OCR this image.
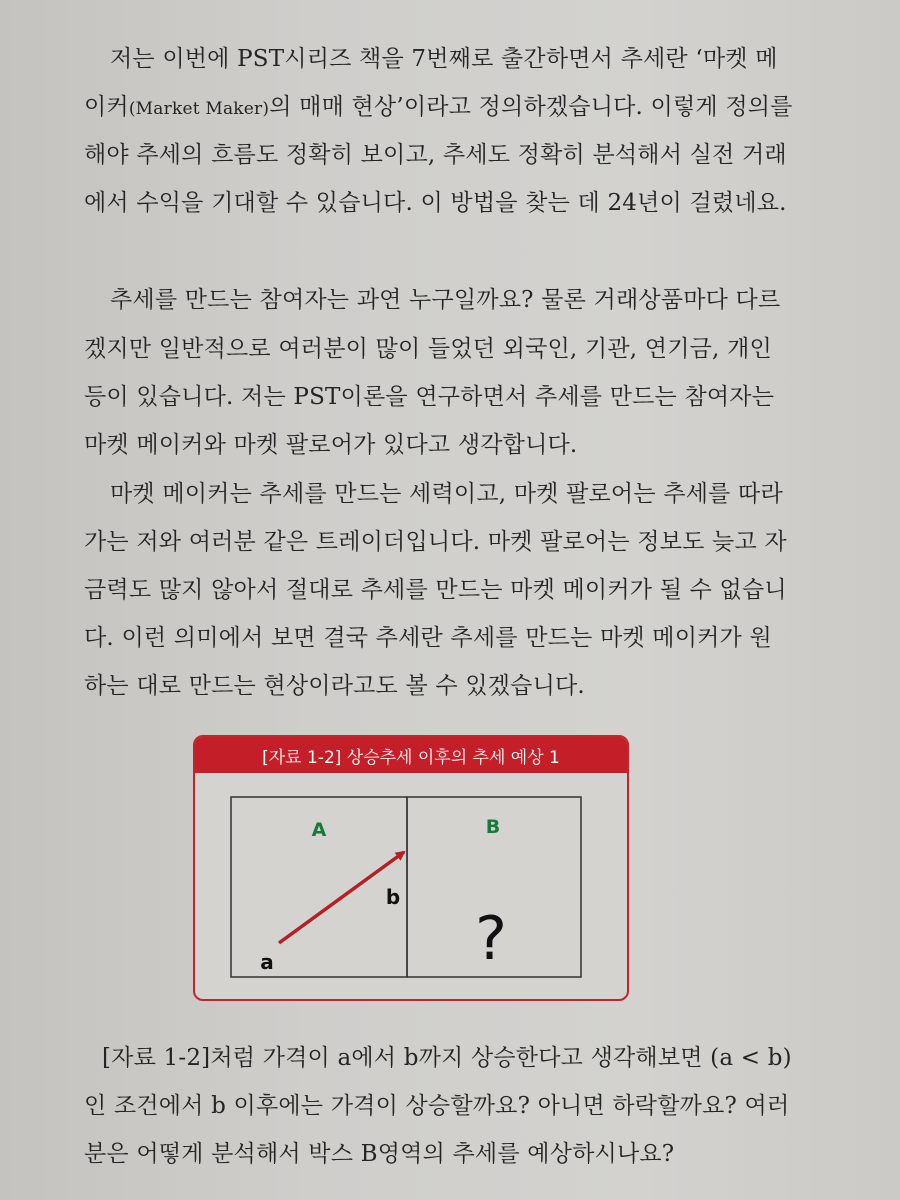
저는 이번에 PST시리즈 책을 7번째로 출간하면서 추세란 ‘마켓 메
이커(Market Maker)의 매매 현상’이라고 정의하겠습니다. 이렇게 정의를
해야 추세의 흐름도 정확히 보이고, 추세도 정확히 분석해서 실전 거래
에서 수익을 기대할 수 있습니다. 이 방법을 찾는 데 24년이 걸렸네요.
추세를 만드는 참여자는 과연 누구일까요? 물론 거래상품마다 다르
겠지만 일반적으로 여러분이 많이 들었던 외국인, 기관, 연기금, 개인
등이 있습니다. 저는 PST이론을 연구하면서 추세를 만드는 참여자는
마켓 메이커와 마켓 팔로어가 있다고 생각합니다.
마켓 메이커는 추세를 만드는 세력이고, 마켓 팔로어는 추세를 따라
가는 저와 여러분 같은 트레이더입니다. 마켓 팔로어는 정보도 늦고 자
금력도 많지 않아서 절대로 추세를 만드는 마켓 메이커가 될 수 없습니
다. 이런 의미에서 보면 결국 추세란 추세를 만드는 마켓 메이커가 원
하는 대로 만드는 현상이라고도 볼 수 있겠습니다.
[자료 1-2] 상승추세 이후의 추세 예상 1
A	B
a
b
?
[자료 1-2]처럼 가격이 a에서 b까지 상승한다고 생각해보면 (a < b)
인 조건에서 b 이후에는 가격이 상승할까요? 아니면 하락할까요? 여러
분은 어떻게 분석해서 박스 B영역의 추세를 예상하시나요?
